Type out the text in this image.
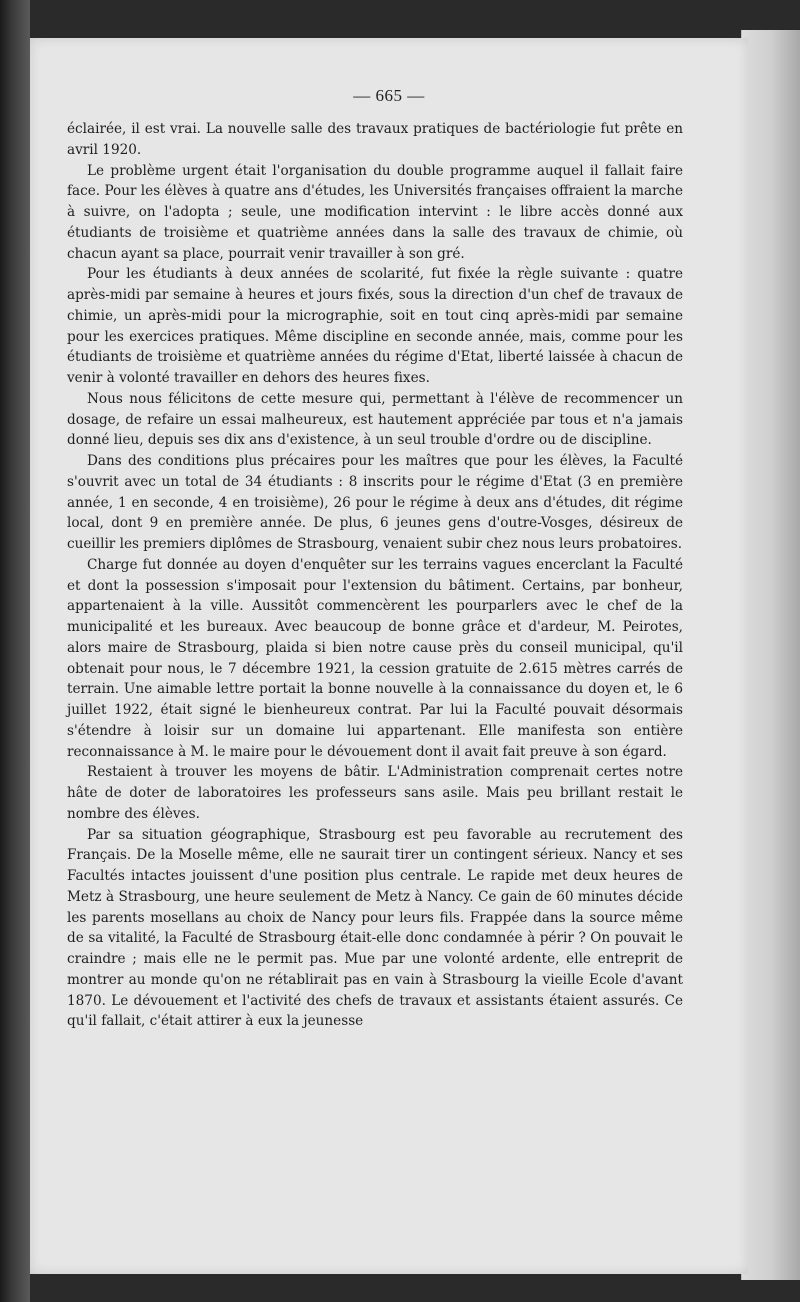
— 665 —

éclairée, il est vrai. La nouvelle salle des travaux pratiques de bactériologie fut prête en avril 1920.

Le problème urgent était l'organisation du double programme auquel il fallait faire face. Pour les élèves à quatre ans d'études, les Universités françaises offraient la marche à suivre, on l'adopta ; seule, une modification intervint : le libre accès donné aux étudiants de troisième et quatrième années dans la salle des travaux de chimie, où chacun ayant sa place, pourrait venir travailler à son gré.

Pour les étudiants à deux années de scolarité, fut fixée la règle suivante : quatre après-midi par semaine à heures et jours fixés, sous la direction d'un chef de travaux de chimie, un après-midi pour la micrographie, soit en tout cinq après-midi par semaine pour les exercices pratiques. Même discipline en seconde année, mais, comme pour les étudiants de troisième et quatrième années du régime d'Etat, liberté laissée à chacun de venir à volonté travailler en dehors des heures fixes.

Nous nous félicitons de cette mesure qui, permettant à l'élève de recommencer un dosage, de refaire un essai malheureux, est hautement appréciée par tous et n'a jamais donné lieu, depuis ses dix ans d'existence, à un seul trouble d'ordre ou de discipline.

Dans des conditions plus précaires pour les maîtres que pour les élèves, la Faculté s'ouvrit avec un total de 34 étudiants : 8 inscrits pour le régime d'Etat (3 en première année, 1 en seconde, 4 en troisième), 26 pour le régime à deux ans d'études, dit régime local, dont 9 en première année. De plus, 6 jeunes gens d'outre-Vosges, désireux de cueillir les premiers diplômes de Strasbourg, venaient subir chez nous leurs probatoires.

Charge fut donnée au doyen d'enquêter sur les terrains vagues encerclant la Faculté et dont la possession s'imposait pour l'extension du bâtiment. Certains, par bonheur, appartenaient à la ville. Aussitôt commencèrent les pourparlers avec le chef de la municipalité et les bureaux. Avec beaucoup de bonne grâce et d'ardeur, M. Peirotes, alors maire de Strasbourg, plaida si bien notre cause près du conseil municipal, qu'il obtenait pour nous, le 7 décembre 1921, la cession gratuite de 2.615 mètres carrés de terrain. Une aimable lettre portait la bonne nouvelle à la connaissance du doyen et, le 6 juillet 1922, était signé le bienheureux contrat. Par lui la Faculté pouvait désormais s'étendre à loisir sur un domaine lui appartenant. Elle manifesta son entière reconnaissance à M. le maire pour le dévouement dont il avait fait preuve à son égard.

Restaient à trouver les moyens de bâtir. L'Administration comprenait certes notre hâte de doter de laboratoires les professeurs sans asile. Mais peu brillant restait le nombre des élèves.

Par sa situation géographique, Strasbourg est peu favorable au recrutement des Français. De la Moselle même, elle ne saurait tirer un contingent sérieux. Nancy et ses Facultés intactes jouissent d'une position plus centrale. Le rapide met deux heures de Metz à Strasbourg, une heure seulement de Metz à Nancy. Ce gain de 60 minutes décide les parents mosellans au choix de Nancy pour leurs fils. Frappée dans la source même de sa vitalité, la Faculté de Strasbourg était-elle donc condamnée à périr ? On pouvait le craindre ; mais elle ne le permit pas. Mue par une volonté ardente, elle entreprit de montrer au monde qu'on ne rétablirait pas en vain à Strasbourg la vieille Ecole d'avant 1870. Le dévouement et l'activité des chefs de travaux et assistants étaient assurés. Ce qu'il fallait, c'était attirer à eux la jeunesse
